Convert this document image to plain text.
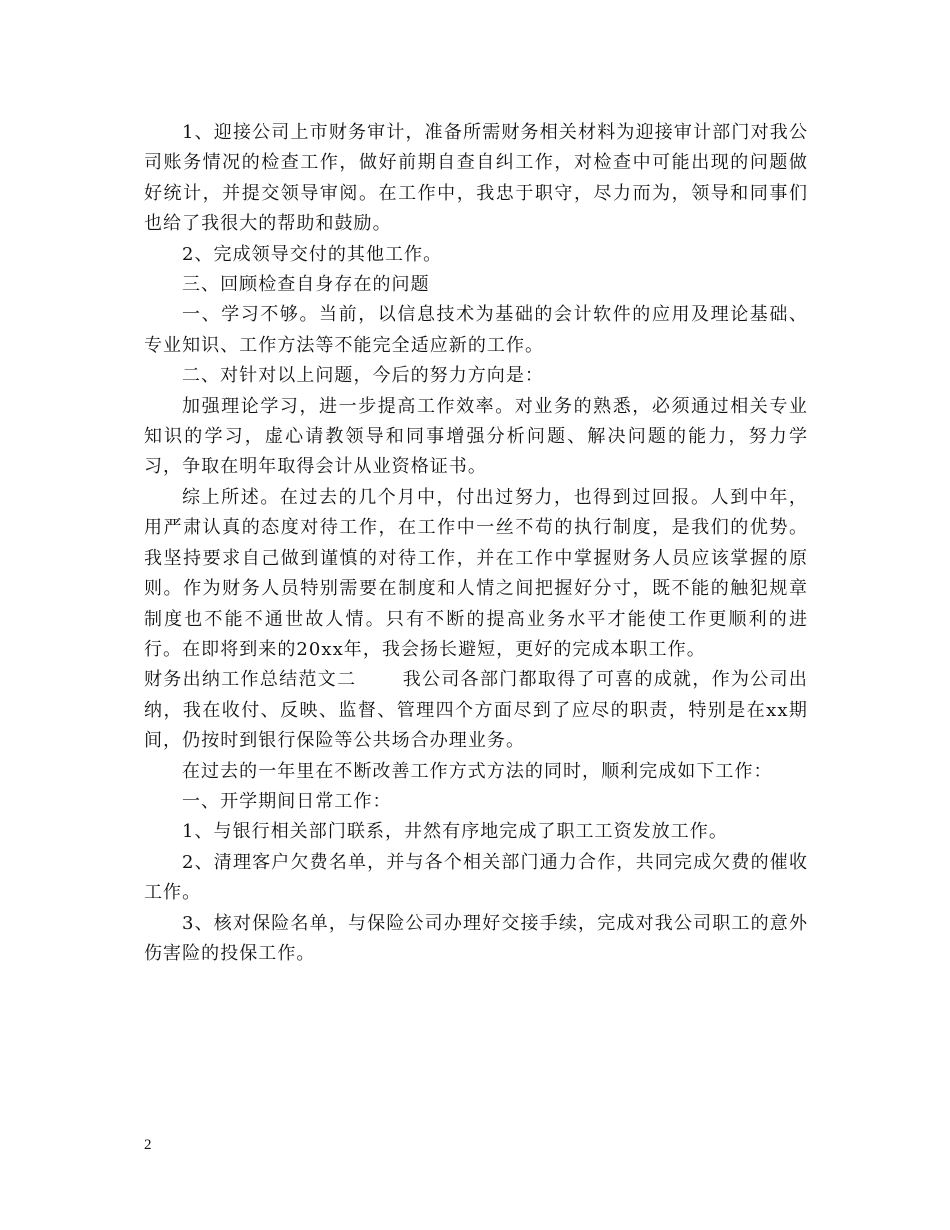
1、迎接公司上市财务审计，准备所需财务相关材料为迎接审计部门对我公司账务情况的检查工作，做好前期自查自纠工作，对检查中可能出现的问题做好统计，并提交领导审阅。在工作中，我忠于职守，尽力而为，领导和同事们也给了我很大的帮助和鼓励。

2、完成领导交付的其他工作。

三、回顾检查自身存在的问题

一、学习不够。当前，以信息技术为基础的会计软件的应用及理论基础、专业知识、工作方法等不能完全适应新的工作。

二、对针对以上问题，今后的努力方向是：

加强理论学习，进一步提高工作效率。对业务的熟悉，必须通过相关专业知识的学习，虚心请教领导和同事增强分析问题、解决问题的能力，努力学习，争取在明年取得会计从业资格证书。

综上所述。在过去的几个月中，付出过努力，也得到过回报。人到中年，用严肃认真的态度对待工作，在工作中一丝不苟的执行制度，是我们的优势。我坚持要求自己做到谨慎的对待工作，并在工作中掌握财务人员应该掌握的原则。作为财务人员特别需要在制度和人情之间把握好分寸，既不能的触犯规章制度也不能不通世故人情。只有不断的提高业务水平才能使工作更顺利的进行。在即将到来的20xx年，我会扬长避短，更好的完成本职工作。

财务出纳工作总结范文二	我公司各部门都取得了可喜的成就，作为公司出纳，我在收付、反映、监督、管理四个方面尽到了应尽的职责，特别是在xx期间，仍按时到银行保险等公共场合办理业务。

在过去的一年里在不断改善工作方式方法的同时，顺利完成如下工作：

一、开学期间日常工作：

1、与银行相关部门联系，井然有序地完成了职工工资发放工作。

2、清理客户欠费名单，并与各个相关部门通力合作，共同完成欠费的催收工作。

3、核对保险名单，与保险公司办理好交接手续，完成对我公司职工的意外伤害险的投保工作。

2
